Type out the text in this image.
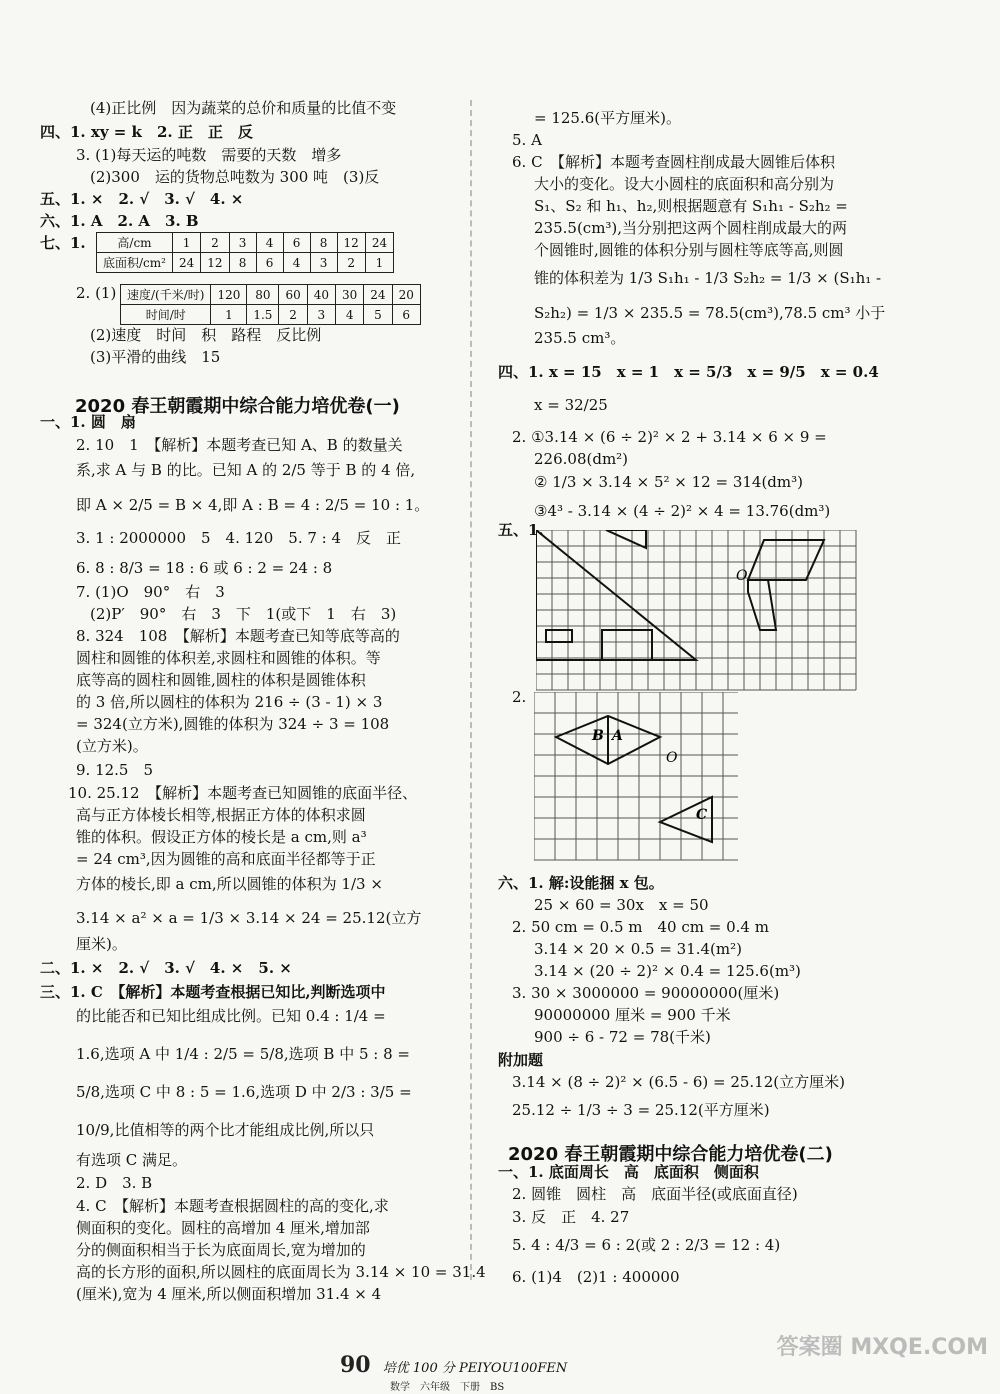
(4)正比例　因为蔬菜的总价和质量的比值不变
四、1. xy = k　2. 正　正　反
3. (1)每天运的吨数　需要的天数　增多
(2)300　运的货物总吨数为 300 吨　(3)反
五、1. ×　2. √　3. √　4. ×
六、1. A　2. A　3. B
七、1.
2. (1)
(2)速度　时间　积　路程　反比例
(3)平滑的曲线　15
一、1. 圆　扇
2. 10　1　【解析】本题考查已知 A、B 的数量关
系,求 A 与 B 的比。已知 A 的 2/5 等于 B 的 4 倍,
即 A × 2/5 = B × 4,即 A : B = 4 : 2/5 = 10 : 1。
3. 1 : 2000000　5　4. 120　5. 7 : 4　反　正
6. 8 : 8/3 = 18 : 6 或 6 : 2 = 24 : 8
7. (1)O　90°　右　3
(2)P′　90°　右　3　下　1(或下　1　右　3)
8. 324　108　【解析】本题考查已知等底等高的
圆柱和圆锥的体积差,求圆柱和圆锥的体积。等
底等高的圆柱和圆锥,圆柱的体积是圆锥体积
的 3 倍,所以圆柱的体积为 216 ÷ (3 - 1) × 3
= 324(立方米),圆锥的体积为 324 ÷ 3 = 108
(立方米)。
9. 12.5　5
10. 25.12　【解析】本题考查已知圆锥的底面半径、
高与正方体棱长相等,根据正方体的体积求圆
锥的体积。假设正方体的棱长是 a cm,则 a³
= 24 cm³,因为圆锥的高和底面半径都等于正
方体的棱长,即 a cm,所以圆锥的体积为 1/3 ×
3.14 × a² × a = 1/3 × 3.14 × 24 = 25.12(立方
厘米)。
二、1. ×　2. √　3. √　4. ×　5. ×
三、1. C　【解析】本题考查根据已知比,判断选项中
的比能否和已知比组成比例。已知 0.4 : 1/4 =
1.6,选项 A 中 1/4 : 2/5 = 5/8,选项 B 中 5 : 8 =
5/8,选项 C 中 8 : 5 = 1.6,选项 D 中 2/3 : 3/5 =
10/9,比值相等的两个比才能组成比例,所以只
有选项 C 满足。
2. D　3. B
4. C　【解析】本题考查根据圆柱的高的变化,求
侧面积的变化。圆柱的高增加 4 厘米,增加部
分的侧面积相当于长为底面周长,宽为增加的
高的长方形的面积,所以圆柱的底面周长为 3.14 × 10 = 31.4
(厘米),宽为 4 厘米,所以侧面积增加 31.4 × 4
= 125.6(平方厘米)。
5. A
6. C　【解析】本题考查圆柱削成最大圆锥后体积
大小的变化。设大小圆柱的底面积和高分别为
S₁、S₂ 和 h₁、h₂,则根据题意有 S₁h₁ - S₂h₂ =
235.5(cm³),当分别把这两个圆柱削成最大的两
个圆锥时,圆锥的体积分别与圆柱等底等高,则圆
锥的体积差为 1/3 S₁h₁ - 1/3 S₂h₂ = 1/3 × (S₁h₁ -
S₂h₂) = 1/3 × 235.5 = 78.5(cm³),78.5 cm³ 小于
235.5 cm³。
四、1. x = 15　x = 1　x = 5/3　x = 9/5　x = 0.4
x = 32/25
2. ①3.14 × (6 ÷ 2)² × 2 + 3.14 × 6 × 9 =
226.08(dm²)
② 1/3 × 3.14 × 5² × 12 = 314(dm³)
③4³ - 3.14 × (4 ÷ 2)² × 4 = 13.76(dm³)
五、1.
2.
六、1. 解:设能捆 x 包。
25 × 60 = 30x　x = 50
2. 50 cm = 0.5 m　40 cm = 0.4 m
3.14 × 20 × 0.5 = 31.4(m²)
3.14 × (20 ÷ 2)² × 0.4 = 125.6(m³)
3. 30 × 3000000 = 90000000(厘米)
90000000 厘米 = 900 千米
900 ÷ 6 - 72 = 78(千米)
附加题
3.14 × (8 ÷ 2)² × (6.5 - 6) = 25.12(立方厘米)
25.12 ÷ 1/3 ÷ 3 = 25.12(平方厘米)
一、1. 底面周长　高　底面积　侧面积
2. 圆锥　圆柱　高　底面半径(或底面直径)
3. 反　正　4. 27
5. 4 : 4/3 = 6 : 2(或 2 : 2/3 = 12 : 4)
6. (1)4　(2)1 : 400000
2020 春王朝霞期中综合能力培优卷(一)
2020 春王朝霞期中综合能力培优卷(二)
高/cm	1	2	3	4	6	8	12	24
底面积/cm²	24	12	8	6	4	3	2	1
速度/(千米/时)	120	80	60	40	30	24	20
时间/时	1	1.5	2	3	4	5	6
O
B A
O
C
90 培优 100 分 PEIYOU100FEN
数学　六年级　下册　BS
答案圈 MXQE.COM
